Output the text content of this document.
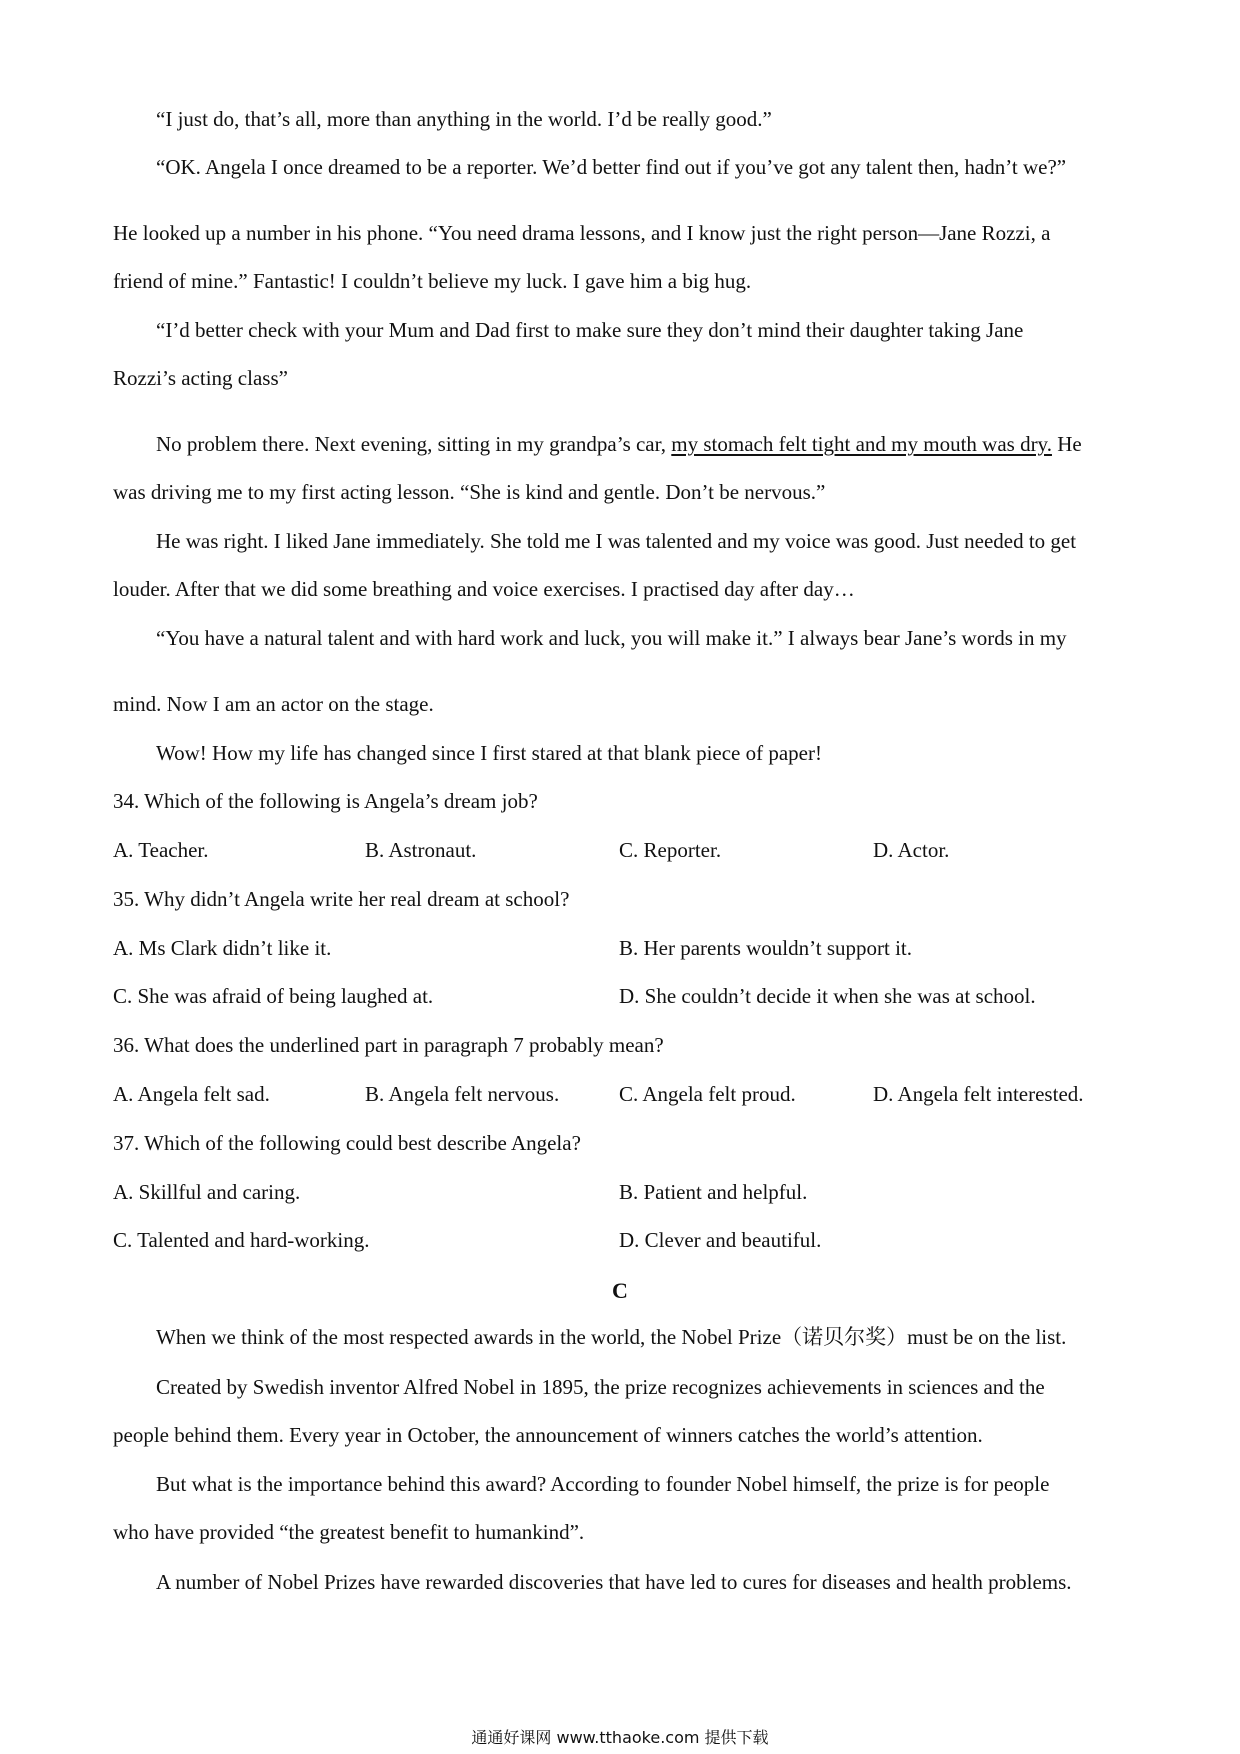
“I just do, that’s all, more than anything in the world. I’d be really good.”
“OK. Angela I once dreamed to be a reporter. We’d better find out if you’ve got any talent then, hadn’t we?”
He looked up a number in his phone. “You need drama lessons, and I know just the right person—Jane Rozzi, a
friend of mine.” Fantastic! I couldn’t believe my luck. I gave him a big hug.
“I’d better check with your Mum and Dad first to make sure they don’t mind their daughter taking Jane
Rozzi’s acting class”
No problem there. Next evening, sitting in my grandpa’s car, my stomach felt tight and my mouth was dry. He
was driving me to my first acting lesson. “She is kind and gentle. Don’t be nervous.”
He was right. I liked Jane immediately. She told me I was talented and my voice was good. Just needed to get
louder. After that we did some breathing and voice exercises. I practised day after day…
“You have a natural talent and with hard work and luck, you will make it.” I always bear Jane’s words in my
mind. Now I am an actor on the stage.
Wow! How my life has changed since I first stared at that blank piece of paper!
34. Which of the following is Angela’s dream job?
A. Teacher.	B. Astronaut.	C. Reporter.	D. Actor.
35. Why didn’t Angela write her real dream at school?
A. Ms Clark didn’t like it.	B. Her parents wouldn’t support it.
C. She was afraid of being laughed at.	D. She couldn’t decide it when she was at school.
36. What does the underlined part in paragraph 7 probably mean?
A. Angela felt sad.	B. Angela felt nervous.	C. Angela felt proud.	D. Angela felt interested.
37. Which of the following could best describe Angela?
A. Skillful and caring.	B. Patient and helpful.
C. Talented and hard-working.	D. Clever and beautiful.
C
When we think of the most respected awards in the world, the Nobel Prize（诺贝尔奖）must be on the list.
Created by Swedish inventor Alfred Nobel in 1895, the prize recognizes achievements in sciences and the
people behind them. Every year in October, the announcement of winners catches the world’s attention.
But what is the importance behind this award? According to founder Nobel himself, the prize is for people
who have provided “the greatest benefit to humankind”.
A number of Nobel Prizes have rewarded discoveries that have led to cures for diseases and health problems.
通通好课网 www.tthaoke.com 提供下载
